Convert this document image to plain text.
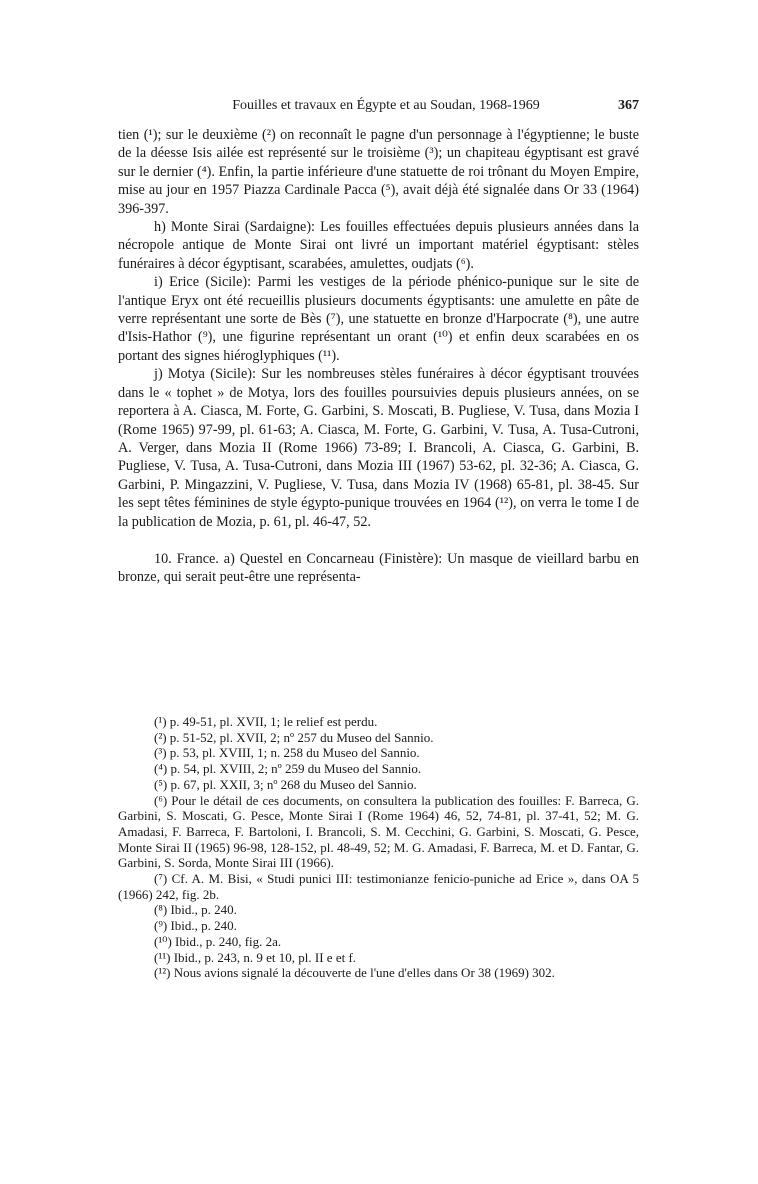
Fouilles et travaux en Égypte et au Soudan, 1968-1969	367

tien (¹); sur le deuxième (²) on reconnaît le pagne d'un personnage à l'égyptienne; le buste de la déesse Isis ailée est représenté sur le troisième (³); un chapiteau égyptisant est gravé sur le dernier (⁴). Enfin, la partie inférieure d'une statuette de roi trônant du Moyen Empire, mise au jour en 1957 Piazza Cardinale Pacca (⁵), avait déjà été signalée dans Or 33 (1964) 396-397.

h) Monte Sirai (Sardaigne): Les fouilles effectuées depuis plusieurs années dans la nécropole antique de Monte Sirai ont livré un important matériel égyptisant: stèles funéraires à décor égyptisant, scarabées, amulettes, oudjats (⁶).

i) Erice (Sicile): Parmi les vestiges de la période phénico-punique sur le site de l'antique Eryx ont été recueillis plusieurs documents égyptisants: une amulette en pâte de verre représentant une sorte de Bès (⁷), une statuette en bronze d'Harpocrate (⁸), une autre d'Isis-Hathor (⁹), une figurine représentant un orant (¹⁰) et enfin deux scarabées en os portant des signes hiéroglyphiques (¹¹).

j) Motya (Sicile): Sur les nombreuses stèles funéraires à décor égyptisant trouvées dans le « tophet » de Motya, lors des fouilles poursuivies depuis plusieurs années, on se reportera à A. Ciasca, M. Forte, G. Garbini, S. Moscati, B. Pugliese, V. Tusa, dans Mozia I (Rome 1965) 97-99, pl. 61-63; A. Ciasca, M. Forte, G. Garbini, V. Tusa, A. Tusa-Cutroni, A. Verger, dans Mozia II (Rome 1966) 73-89; I. Brancoli, A. Ciasca, G. Garbini, B. Pugliese, V. Tusa, A. Tusa-Cutroni, dans Mozia III (1967) 53-62, pl. 32-36; A. Ciasca, G. Garbini, P. Mingazzini, V. Pugliese, V. Tusa, dans Mozia IV (1968) 65-81, pl. 38-45. Sur les sept têtes féminines de style égypto-punique trouvées en 1964 (¹²), on verra le tome I de la publication de Mozia, p. 61, pl. 46-47, 52.

10. France. a) Questel en Concarneau (Finistère): Un masque de vieillard barbu en bronze, qui serait peut-être une représenta-

(¹) p. 49-51, pl. XVII, 1; le relief est perdu.

(²) p. 51-52, pl. XVII, 2; nº 257 du Museo del Sannio.

(³) p. 53, pl. XVIII, 1; n. 258 du Museo del Sannio.

(⁴) p. 54, pl. XVIII, 2; nº 259 du Museo del Sannio.

(⁵) p. 67, pl. XXII, 3; nº 268 du Museo del Sannio.

(⁶) Pour le détail de ces documents, on consultera la publication des fouilles: F. Barreca, G. Garbini, S. Moscati, G. Pesce, Monte Sirai I (Rome 1964) 46, 52, 74-81, pl. 37-41, 52; M. G. Amadasi, F. Barreca, F. Bartoloni, I. Brancoli, S. M. Cecchini, G. Garbini, S. Moscati, G. Pesce, Monte Sirai II (1965) 96-98, 128-152, pl. 48-49, 52; M. G. Amadasi, F. Barreca, M. et D. Fantar, G. Garbini, S. Sorda, Monte Sirai III (1966).

(⁷) Cf. A. M. Bisi, « Studi punici III: testimonianze fenicio-puniche ad Erice », dans OA 5 (1966) 242, fig. 2b.

(⁸) Ibid., p. 240.

(⁹) Ibid., p. 240.

(¹⁰) Ibid., p. 240, fig. 2a.

(¹¹) Ibid., p. 243, n. 9 et 10, pl. II e et f.

(¹²) Nous avions signalé la découverte de l'une d'elles dans Or 38 (1969) 302.
